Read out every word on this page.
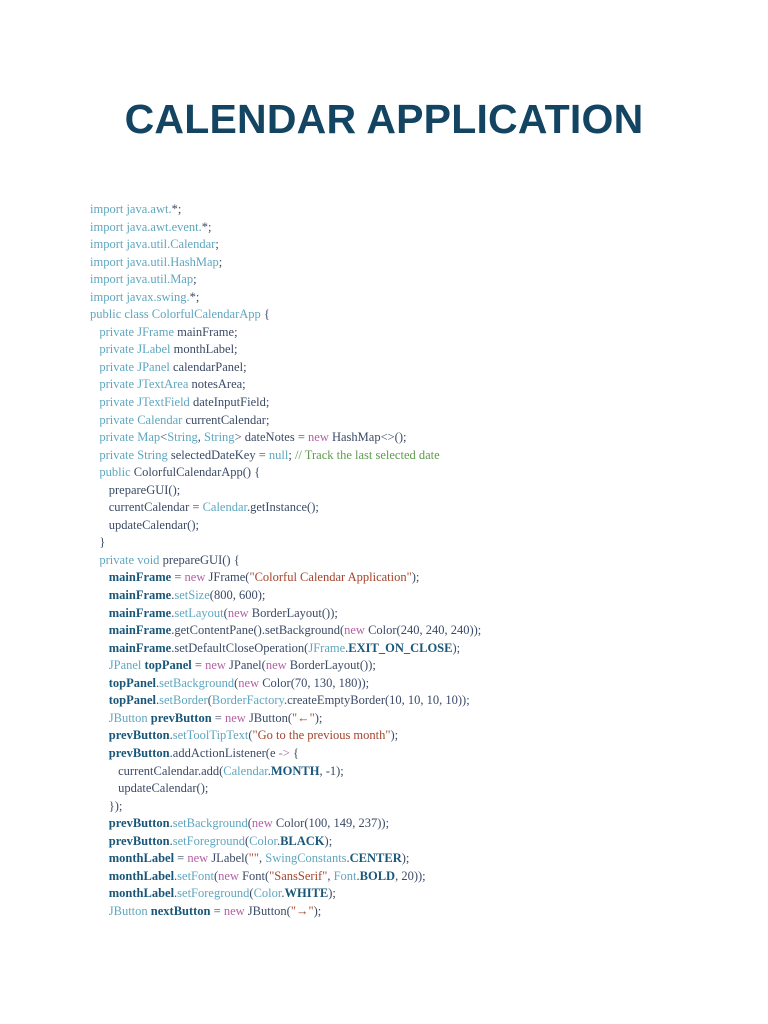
CALENDAR APPLICATION
import java.awt.*;
import java.awt.event.*;
import java.util.Calendar;
import java.util.HashMap;
import java.util.Map;
import javax.swing.*;
public class ColorfulCalendarApp {
private JFrame mainFrame;
private JLabel monthLabel;
private JPanel calendarPanel;
private JTextArea notesArea;
private JTextField dateInputField;
private Calendar currentCalendar;
private Map<String, String> dateNotes = new HashMap<>();
private String selectedDateKey = null; // Track the last selected date
public ColorfulCalendarApp() {
prepareGUI();
currentCalendar = Calendar.getInstance();
updateCalendar();
}
private void prepareGUI() {
mainFrame = new JFrame("Colorful Calendar Application");
mainFrame.setSize(800, 600);
mainFrame.setLayout(new BorderLayout());
mainFrame.getContentPane().setBackground(new Color(240, 240, 240));
mainFrame.setDefaultCloseOperation(JFrame.EXIT_ON_CLOSE);
JPanel topPanel = new JPanel(new BorderLayout());
topPanel.setBackground(new Color(70, 130, 180));
topPanel.setBorder(BorderFactory.createEmptyBorder(10, 10, 10, 10));
JButton prevButton = new JButton("←");
prevButton.setToolTipText("Go to the previous month");
prevButton.addActionListener(e -> {
currentCalendar.add(Calendar.MONTH, -1);
updateCalendar();
});
prevButton.setBackground(new Color(100, 149, 237));
prevButton.setForeground(Color.BLACK);
monthLabel = new JLabel("", SwingConstants.CENTER);
monthLabel.setFont(new Font("SansSerif", Font.BOLD, 20));
monthLabel.setForeground(Color.WHITE);
JButton nextButton = new JButton("→");
